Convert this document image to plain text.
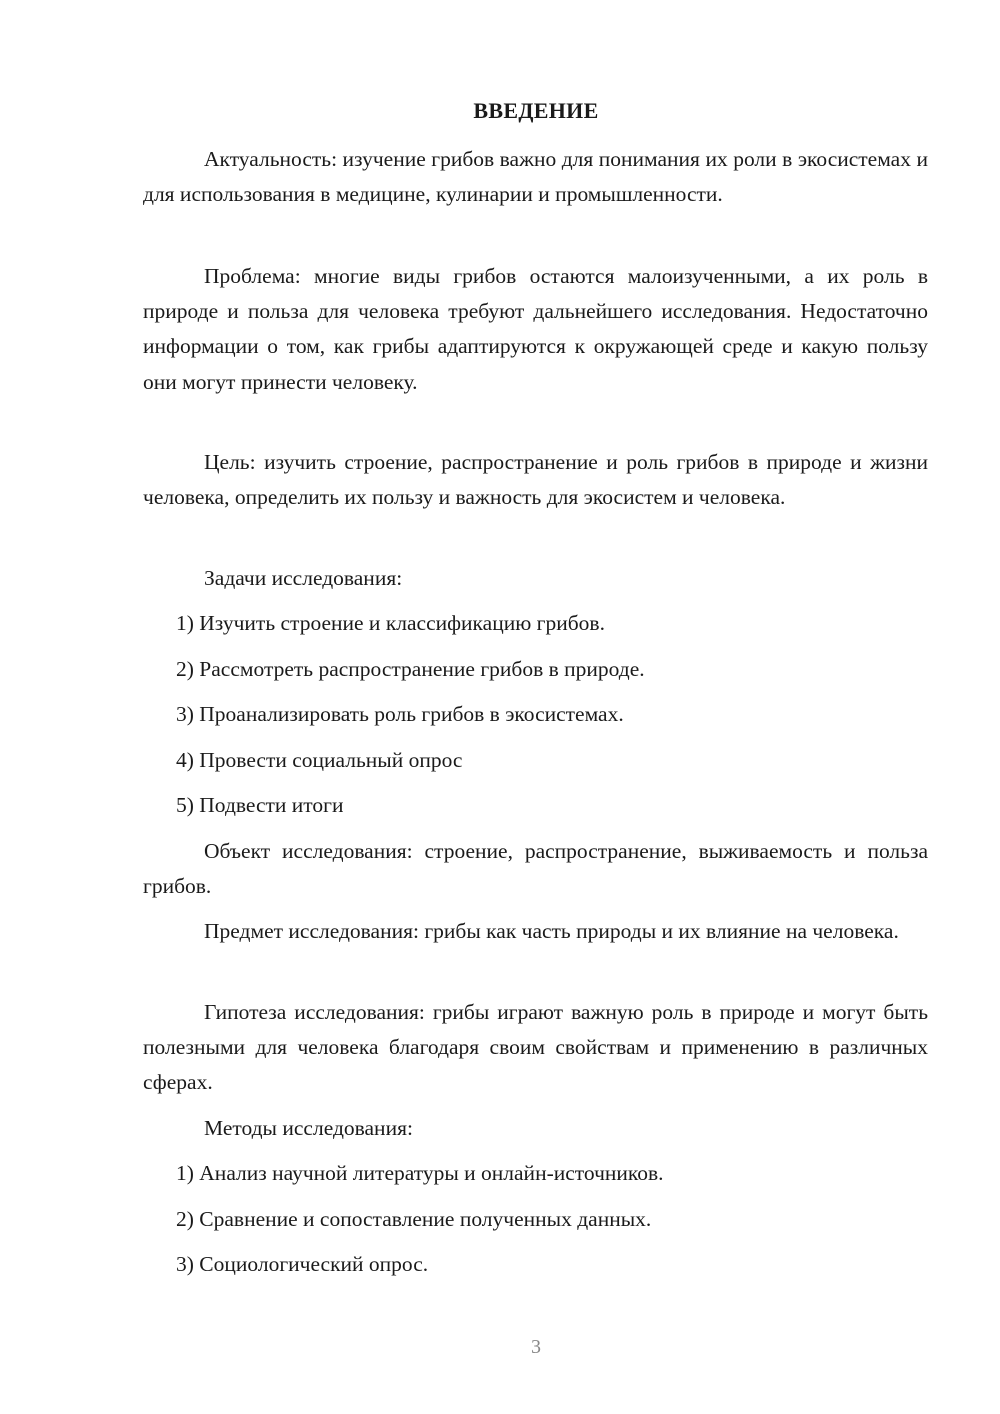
ВВЕДЕНИЕ

Актуальность: изучение грибов важно для понимания их роли в экосистемах и для использования в медицине, кулинарии и промышленности.

Проблема: многие виды грибов остаются малоизученными, а их роль в природе и польза для человека требуют дальнейшего исследования. Недостаточно информации о том, как грибы адаптируются к окружающей среде и какую пользу они могут принести человеку.

Цель: изучить строение, распространение и роль грибов в природе и жизни человека, определить их пользу и важность для экосистем и человека.

Задачи исследования:

1) Изучить строение и классификацию грибов.

2) Рассмотреть распространение грибов в природе.

3) Проанализировать роль грибов в экосистемах.

4) Провести социальный опрос

5) Подвести итоги

Объект исследования: строение, распространение, выживаемость и польза грибов.

Предмет исследования: грибы как часть природы и их влияние на человека.

Гипотеза исследования: грибы играют важную роль в природе и могут быть полезными для человека благодаря своим свойствам и применению в различных сферах.

Методы исследования:

1) Анализ научной литературы и онлайн-источников.

2) Сравнение и сопоставление полученных данных.

3) Социологический опрос.

3
